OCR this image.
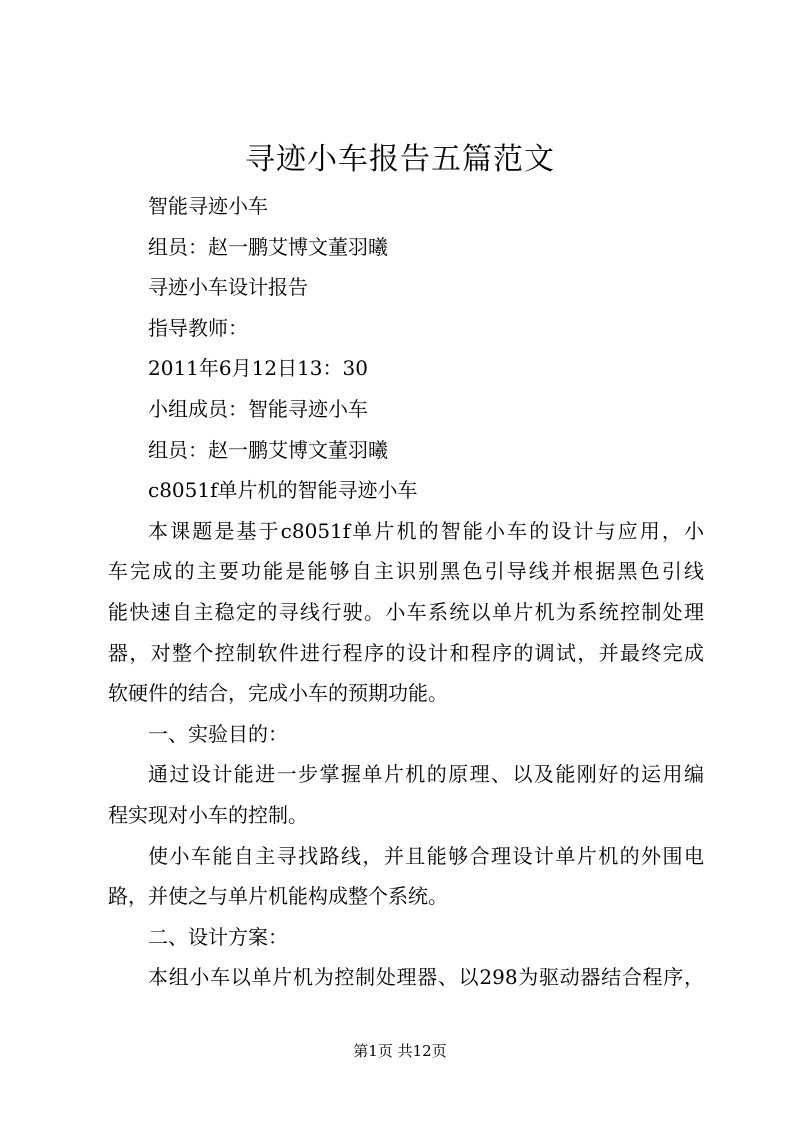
寻迹小车报告五篇范文
智能寻迹小车
组员：赵一鹏艾博文董羽曦
寻迹小车设计报告
指导教师：
2011年6月12日13：30
小组成员：智能寻迹小车
组员：赵一鹏艾博文董羽曦
c8051f单片机的智能寻迹小车
本课题是基于c8051f单片机的智能小车的设计与应用，小
车完成的主要功能是能够自主识别黑色引导线并根据黑色引线
能快速自主稳定的寻线行驶。小车系统以单片机为系统控制处理
器，对整个控制软件进行程序的设计和程序的调试，并最终完成
软硬件的结合，完成小车的预期功能。
一、实验目的：
通过设计能进一步掌握单片机的原理、以及能刚好的运用编
程实现对小车的控制。
使小车能自主寻找路线，并且能够合理设计单片机的外围电
路，并使之与单片机能构成整个系统。
二、设计方案：
本组小车以单片机为控制处理器、以298为驱动器结合程序，
第1页 共12页
